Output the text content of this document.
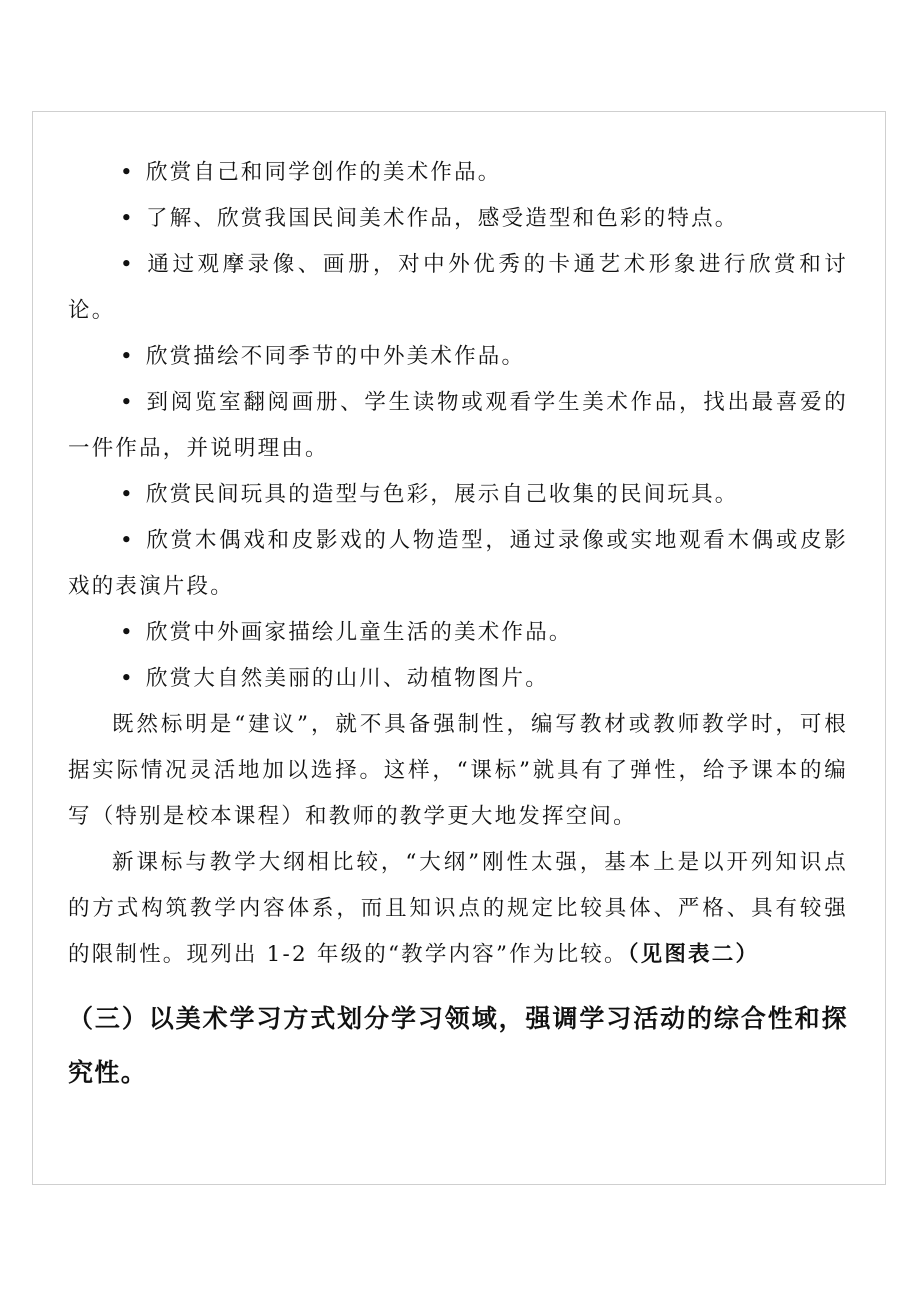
• 欣赏自己和同学创作的美术作品。

• 了解、欣赏我国民间美术作品，感受造型和色彩的特点。

• 通过观摩录像、画册，对中外优秀的卡通艺术形象进行欣赏和讨论。

• 欣赏描绘不同季节的中外美术作品。

• 到阅览室翻阅画册、学生读物或观看学生美术作品，找出最喜爱的一件作品，并说明理由。

• 欣赏民间玩具的造型与色彩，展示自己收集的民间玩具。

• 欣赏木偶戏和皮影戏的人物造型，通过录像或实地观看木偶或皮影戏的表演片段。

• 欣赏中外画家描绘儿童生活的美术作品。

• 欣赏大自然美丽的山川、动植物图片。

既然标明是“建议”，就不具备强制性，编写教材或教师教学时，可根据实际情况灵活地加以选择。这样，“课标”就具有了弹性，给予课本的编写（特别是校本课程）和教师的教学更大地发挥空间。

新课标与教学大纲相比较，“大纲”刚性太强，基本上是以开列知识点的方式构筑教学内容体系，而且知识点的规定比较具体、严格、具有较强的限制性。现列出 1-2 年级的“教学内容”作为比较。（见图表二）

（三）以美术学习方式划分学习领域，强调学习活动的综合性和探究性。
